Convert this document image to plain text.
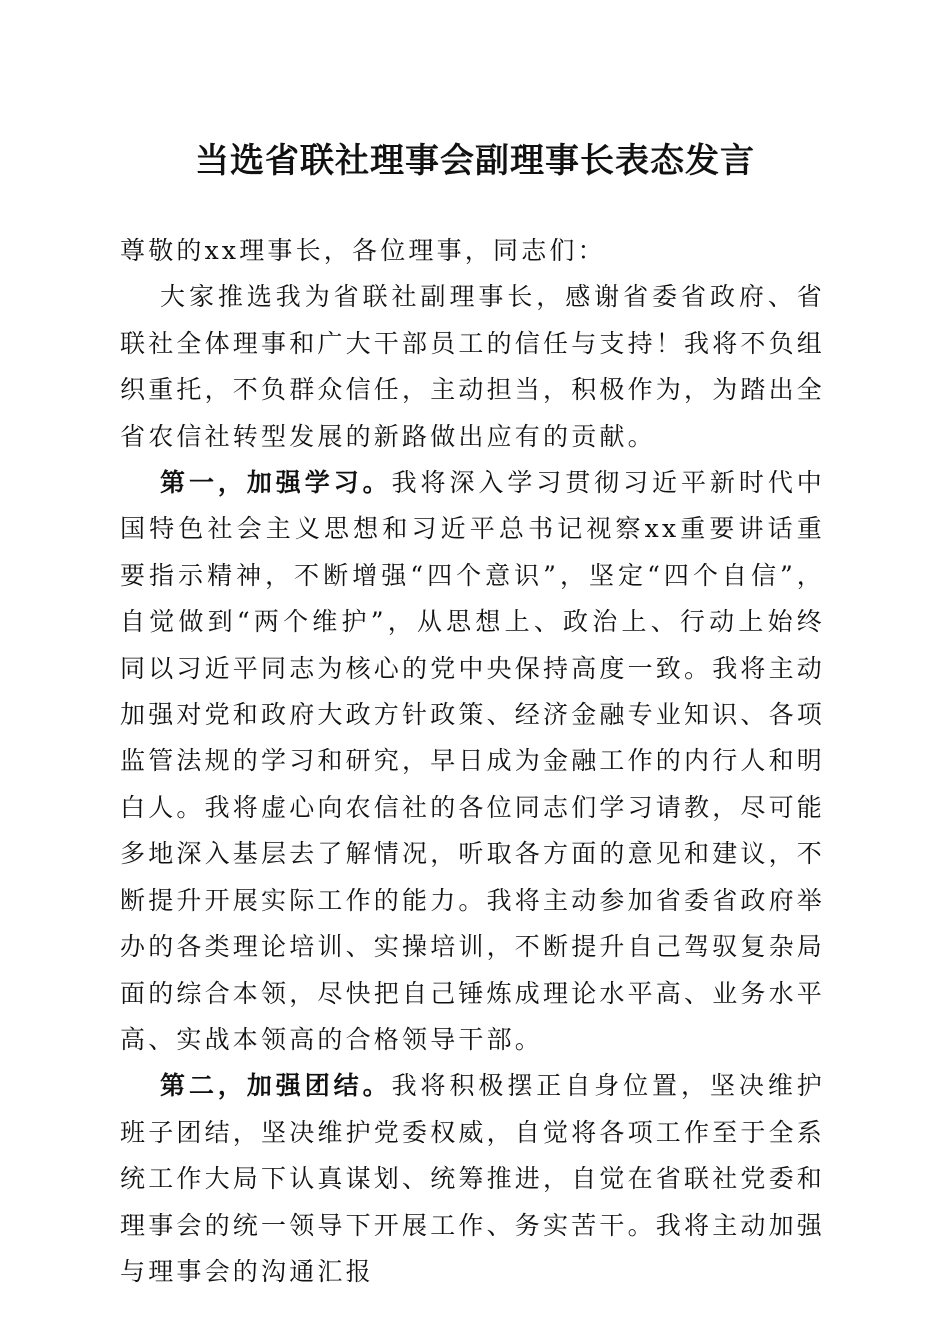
当选省联社理事会副理事长表态发言

尊敬的xx理事长，各位理事，同志们：

大家推选我为省联社副理事长，感谢省委省政府、省联社全体理事和广大干部员工的信任与支持！我将不负组织重托，不负群众信任，主动担当，积极作为，为踏出全省农信社转型发展的新路做出应有的贡献。

第一，加强学习。我将深入学习贯彻习近平新时代中国特色社会主义思想和习近平总书记视察xx重要讲话重要指示精神，不断增强“四个意识”，坚定“四个自信”，自觉做到“两个维护”，从思想上、政治上、行动上始终同以习近平同志为核心的党中央保持高度一致。我将主动加强对党和政府大政方针政策、经济金融专业知识、各项监管法规的学习和研究，早日成为金融工作的内行人和明白人。我将虚心向农信社的各位同志们学习请教，尽可能多地深入基层去了解情况，听取各方面的意见和建议，不断提升开展实际工作的能力。我将主动参加省委省政府举办的各类理论培训、实操培训，不断提升自己驾驭复杂局面的综合本领，尽快把自己锤炼成理论水平高、业务水平高、实战本领高的合格领导干部。

第二，加强团结。我将积极摆正自身位置，坚决维护班子团结，坚决维护党委权威，自觉将各项工作至于全系统工作大局下认真谋划、统筹推进，自觉在省联社党委和理事会的统一领导下开展工作、务实苦干。我将主动加强与理事会的沟通汇报
